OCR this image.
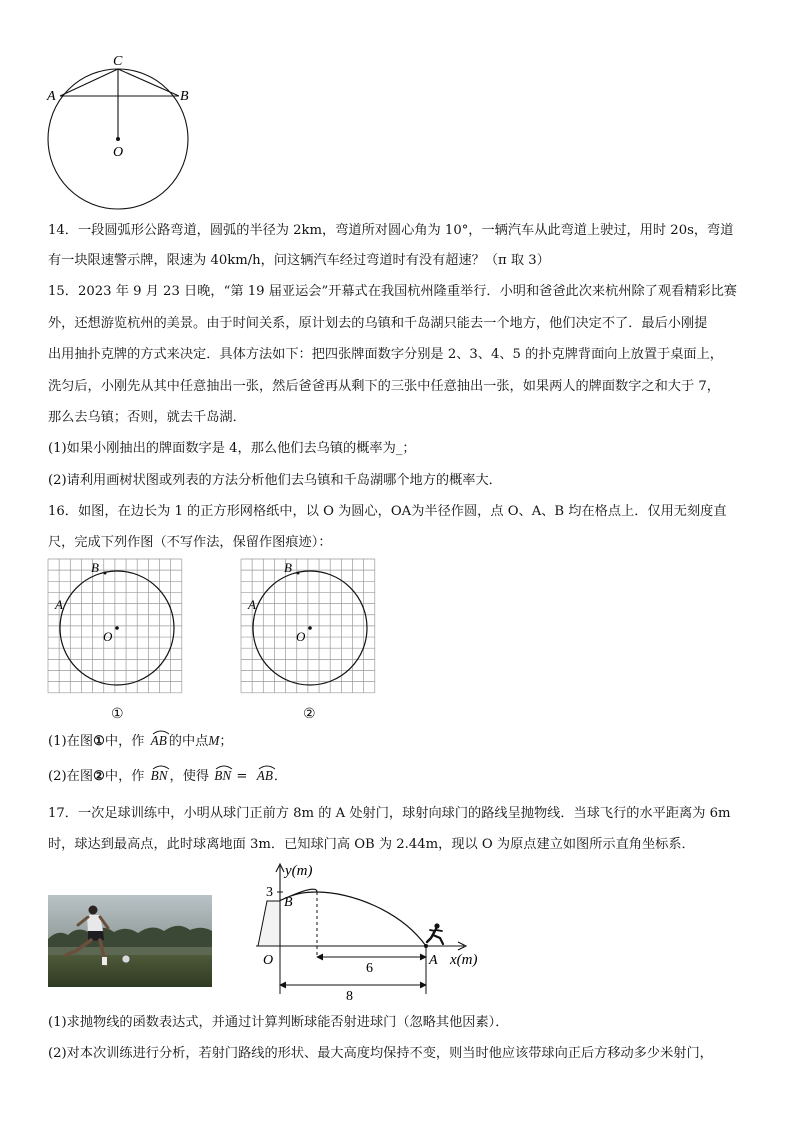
C
A	B
O
14．一段圆弧形公路弯道，圆弧的半径为 2km，弯道所对圆心角为 10°，一辆汽车从此弯道上驶过，用时 20s，弯道
有一块限速警示牌，限速为 40km/h，问这辆汽车经过弯道时有没有超速？（π 取 3）
15．2023 年 9 月 23 日晚，“第 19 届亚运会”开幕式在我国杭州隆重举行．小明和爸爸此次来杭州除了观看精彩比赛
外，还想游览杭州的美景。由于时间关系，原计划去的乌镇和千岛湖只能去一个地方，他们决定不了．最后小刚提
出用抽扑克牌的方式来决定．具体方法如下：把四张牌面数字分别是 2、3、4、5 的扑克牌背面向上放置于桌面上，
洗匀后，小刚先从其中任意抽出一张，然后爸爸再从剩下的三张中任意抽出一张，如果两人的牌面数字之和大于 7，
那么去乌镇；否则，就去千岛湖．
(1)如果小刚抽出的牌面数字是 4，那么他们去乌镇的概率为_；
(2)请利用画树状图或列表的方法分析他们去乌镇和千岛湖哪个地方的概率大．
16．如图，在边长为 1 的正方形网格纸中，以 O 为圆心，OA为半径作圆，点 O、A、B 均在格点上．仅用无刻度直
尺，完成下列作图（不写作法，保留作图痕迹）：
B
A
O
①
B
A
O
②
(1)在图①中，作 AB 的中点M；
(2)在图②中，作 BN ，使得 BN =
AB．
17．一次足球训练中，小明从球门正前方 8m 的 A 处射门，球射向球门的路线呈抛物线．当球飞行的水平距离为 6m
时，球达到最高点，此时球离地面 3m．已知球门高 OB 为 2.44m，现以 O 为原点建立如图所示直角坐标系．
y(m)
x(m)
3
B
O	A
6
8
(1)求抛物线的函数表达式，并通过计算判断球能否射进球门（忽略其他因素）．
(2)对本次训练进行分析，若射门路线的形状、最大高度均保持不变，则当时他应该带球向正后方移动多少米射门，
